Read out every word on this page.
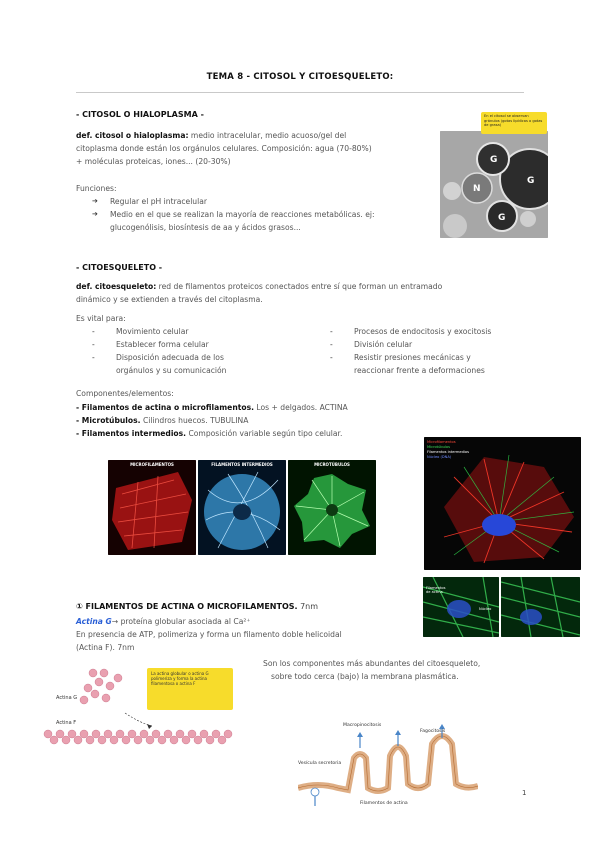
TEMA 8 - CITOSOL Y CITOESQUELETO:
- CITOSOL O HIALOPLASMA -
def. citosol o hialoplasma: medio intracelular, medio acuoso/gel del
citoplasma donde están los orgánulos celulares. Composición: agua (70-80%)
+ moléculas proteicas, iones... (20-30%)
Funciones:
➔ Regular el pH intracelular
➔ Medio en el que se realizan la mayoría de reacciones metabólicas. ej:
glucogenólisis, biosíntesis de aa y ácidos grasos...
G
G
N
G
En el citosol se observan gránulos (gotas lipídicas o gotas de grasa)
- CITOESQUELETO -
def. citoesqueleto: red de filamentos proteicos conectados entre sí que forman un entramado
dinámico y se extienden a través del citoplasma.
Es vital para:
- Movimiento celular
- Establecer forma celular
- Disposición adecuada de los
orgánulos y su comunicación
- Procesos de endocitosis y exocitosis
- División celular
- Resistir presiones mecánicas y
reaccionar frente a deformaciones
Componentes/elementos:
- Filamentos de actina o microfilamentos. Los + delgados. ACTINA
- Microtúbulos. Cilindros huecos. TUBULINA
- Filamentos intermedios. Composición variable según tipo celular.
MICROFILAMENTOS	FILAMENTOS INTERMEDIOS	MICROTÚBULOS
Microfilamentos
Microtúbulos
Filamentos intermedios
Núcleo (DNA)
Filamentos de actina
Núcleo
① FILAMENTOS DE ACTINA O MICROFILAMENTOS. 7nm
Actina G→ proteína globular asociada al Ca²⁺
En presencia de ATP, polimeriza y forma un filamento doble helicoidal
(Actina F). 7nm
Son los componentes más abundantes del citoesqueleto,
sobre todo cerca (bajo) la membrana plasmática.
La actina globular o actina G polimeriza y forma la actina filamentosa o actina F
Actina G
Actina F	Macropinocitosis
Fagocitosis
Vesícula secretoria
Filamentos de actina
1
